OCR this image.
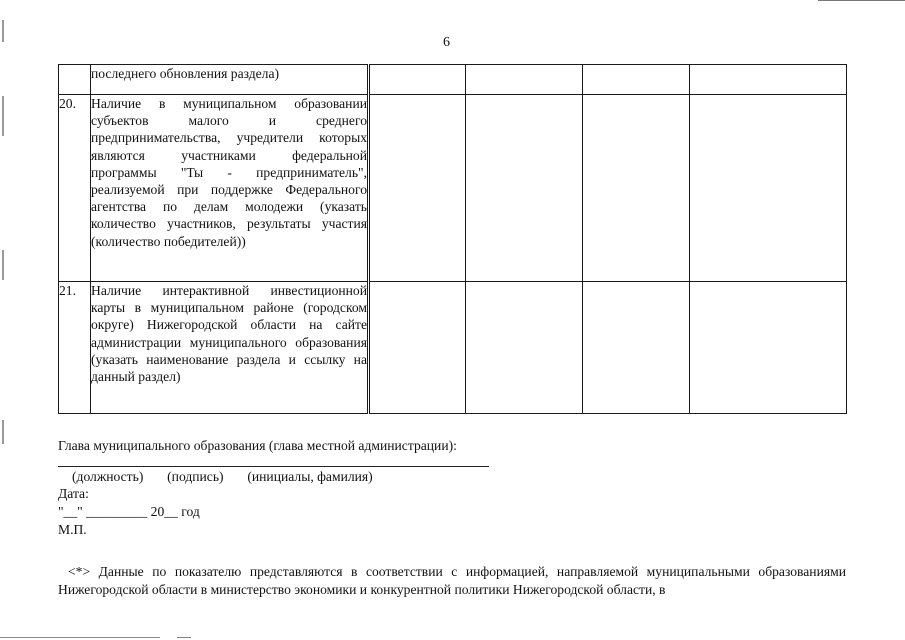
6

	последнего обновления раздела)				

20.	Наличие в муниципальном образовании субъектов малого и среднего предпринимательства, учредители которых являются участниками федеральной программы "Ты - предприниматель", реализуемой при поддержке Федерального агентства по делам молодежи (указать количество участников, результаты участия (количество победителей))				

21.	Наличие интерактивной инвестиционной карты в муниципальном районе (городском округе) Нижегородской области на сайте администрации муниципального образования (указать наименование раздела и ссылку на данный раздел)				

Глава муниципального образования (глава местной администрации):

(должность)       (подпись)       (инициалы, фамилия)
Дата:
"__" _________ 20__ год
М.П.
<*> Данные по показателю представляются в соответствии с информацией, направляемой муниципальными образованиями Нижегородской области в министерство экономики и конкурентной политики Нижегородской области, в
